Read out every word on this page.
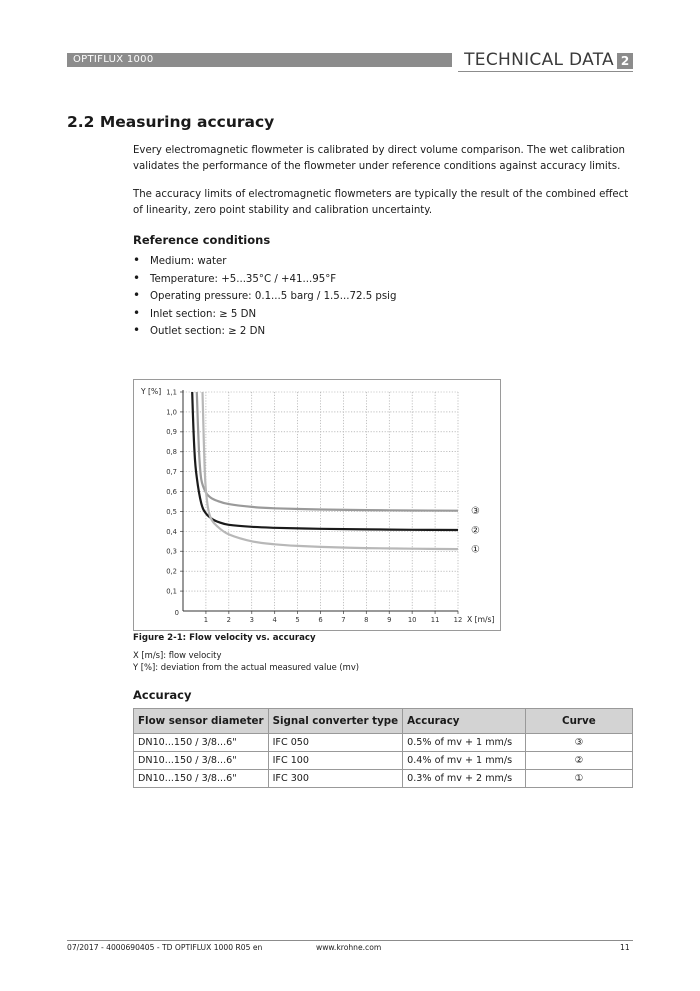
OPTIFLUX 1000	TECHNICAL DATA 2
2.2 Measuring accuracy
Every electromagnetic flowmeter is calibrated by direct volume comparison. The wet calibration validates the performance of the flowmeter under reference conditions against accuracy limits.
The accuracy limits of electromagnetic flowmeters are typically the result of the combined effect of linearity, zero point stability and calibration uncertainty.
Reference conditions
• Medium: water
• Temperature: +5...35°C / +41...95°F
• Operating pressure: 0.1...5 barg / 1.5...72.5 psig
• Inlet section: ≥ 5 DN
• Outlet section: ≥ 2 DN
1	2	3	4	5	6	7	8	9 10 11 12
0,1
0,2
0,3
0,4
0,5
0,6
0,7
0,8
0,9
1,0
1,1
0
Y [%]
X [m/s]
③
②
①
Figure 2-1: Flow velocity vs. accuracy
X [m/s]: flow velocity
Y [%]: deviation from the actual measured value (mv)
Accuracy
Flow sensor diameter	Signal converter type	Accuracy	Curve
DN10...150 / 3/8...6"	IFC 050	0.5% of mv + 1 mm/s	③
DN10...150 / 3/8...6"	IFC 100	0.4% of mv + 1 mm/s	②
DN10...150 / 3/8...6"	IFC 300	0.3% of mv + 2 mm/s	①
07/2017 - 4000690405 - TD OPTIFLUX 1000 R05 en	www.krohne.com	11
